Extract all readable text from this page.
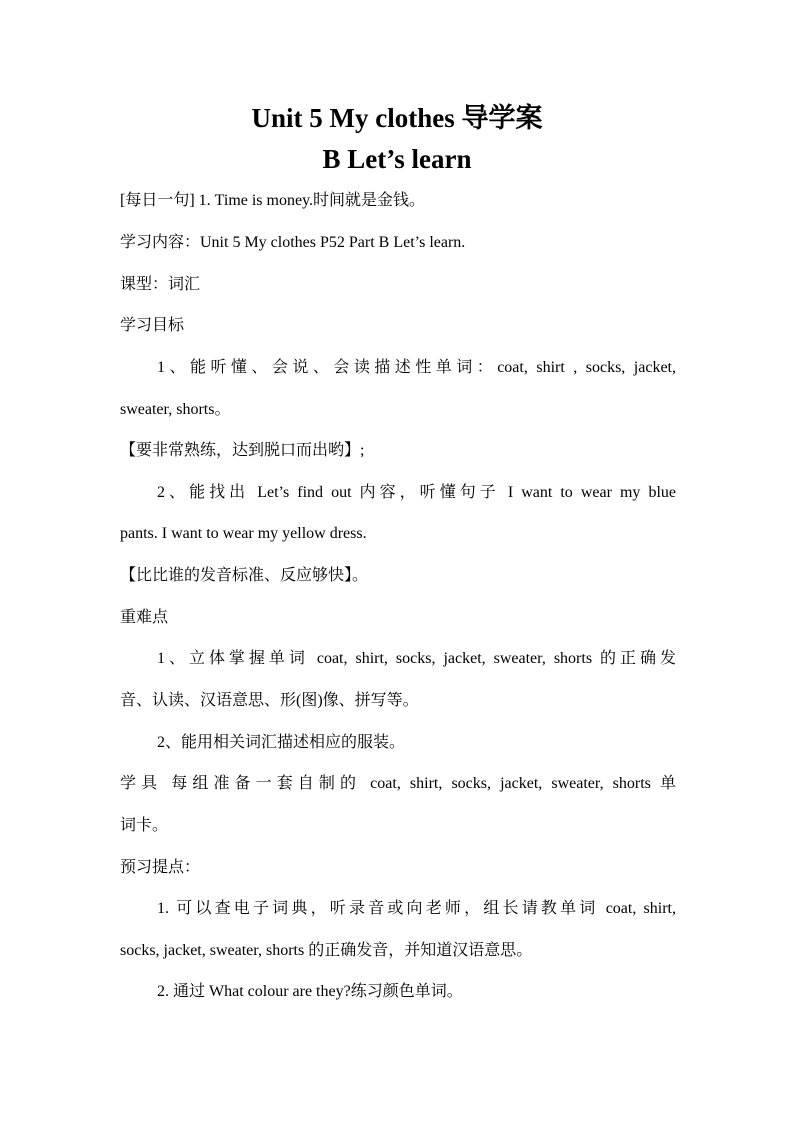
Unit 5 My clothes 导学案
B Let’s learn
[每日一句] 1. Time is money.时间就是金钱。
学习内容：Unit 5 My clothes P52 Part B Let’s learn.
课型：词汇
学习目标
1、能听懂、会说、会读描述性单词：coat, shirt , socks, jacket,
sweater, shorts。
【要非常熟练，达到脱口而出哟】;
2、能找出 Let’s find out 内容，听懂句子 I want to wear my blue
pants. I want to wear my yellow dress.
【比比谁的发音标准、反应够快】。
重难点
1、立体掌握单词 coat, shirt, socks, jacket, sweater, shorts 的正确发
音、认读、汉语意思、形(图)像、拼写等。
2、能用相关词汇描述相应的服装。
学具 每组准备一套自制的 coat, shirt, socks, jacket, sweater, shorts 单
词卡。
预习提点：
1. 可以查电子词典，听录音或向老师，组长请教单词 coat, shirt,
socks, jacket, sweater, shorts 的正确发音，并知道汉语意思。
2. 通过 What colour are they?练习颜色单词。
